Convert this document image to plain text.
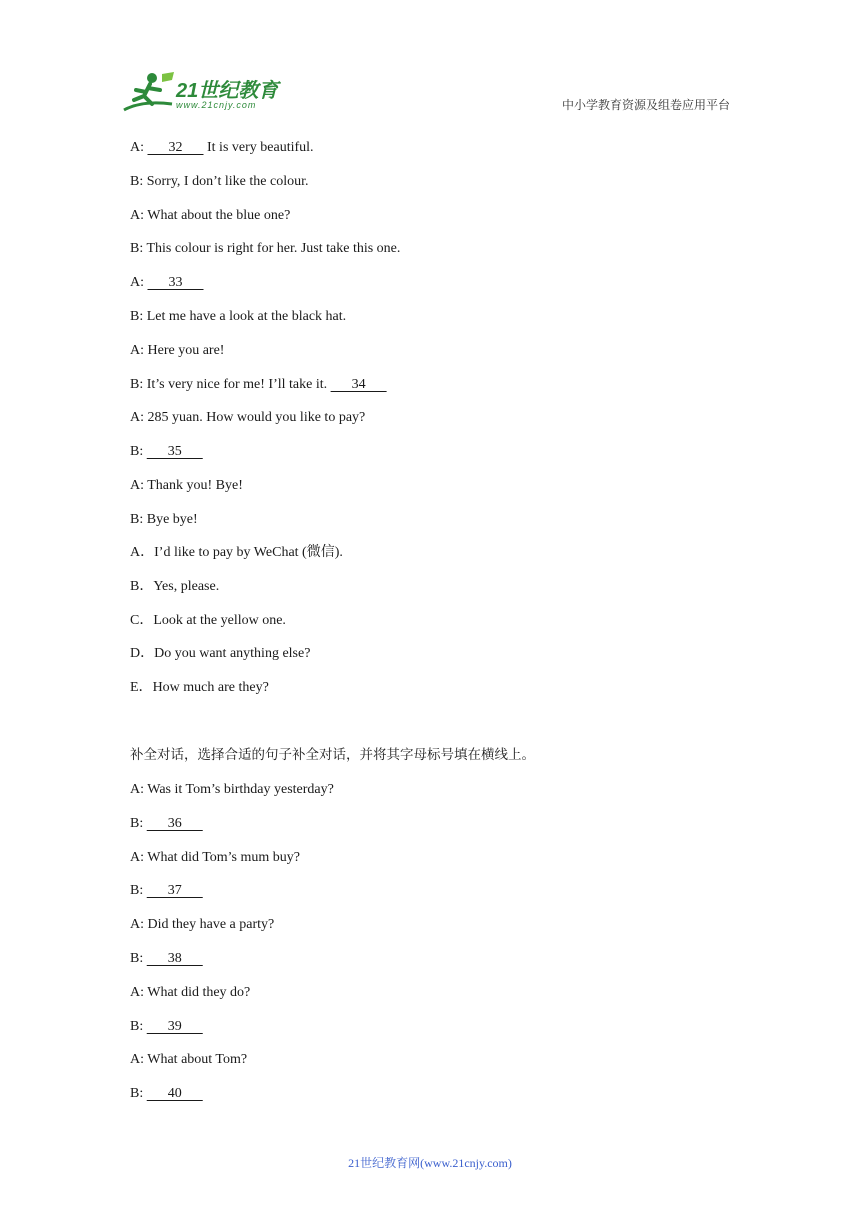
21世纪教育
www.21cnjy.com	中小学教育资源及组卷应用平台
A:       32       It is very beautiful.
B: Sorry, I don’t like the colour.
A: What about the blue one?
B: This colour is right for her. Just take this one.
A:       33
B: Let me have a look at the black hat.
A: Here you are!
B: It’s very nice for me! I’ll take it.       34
A: 285 yuan. How would you like to pay?
B:       35
A: Thank you! Bye!
B: Bye bye!
A．I’d like to pay by WeChat (微信).
B．Yes, please.
C．Look at the yellow one.
D．Do you want anything else?
E．How much are they?
补全对话，选择合适的句子补全对话，并将其字母标号填在横线上。
A: Was it Tom’s birthday yesterday?
B:       36
A: What did Tom’s mum buy?
B:       37
A: Did they have a party?
B:       38
A: What did they do?
B:       39
A: What about Tom?
B:       40
21世纪教育网(www.21cnjy.com)
